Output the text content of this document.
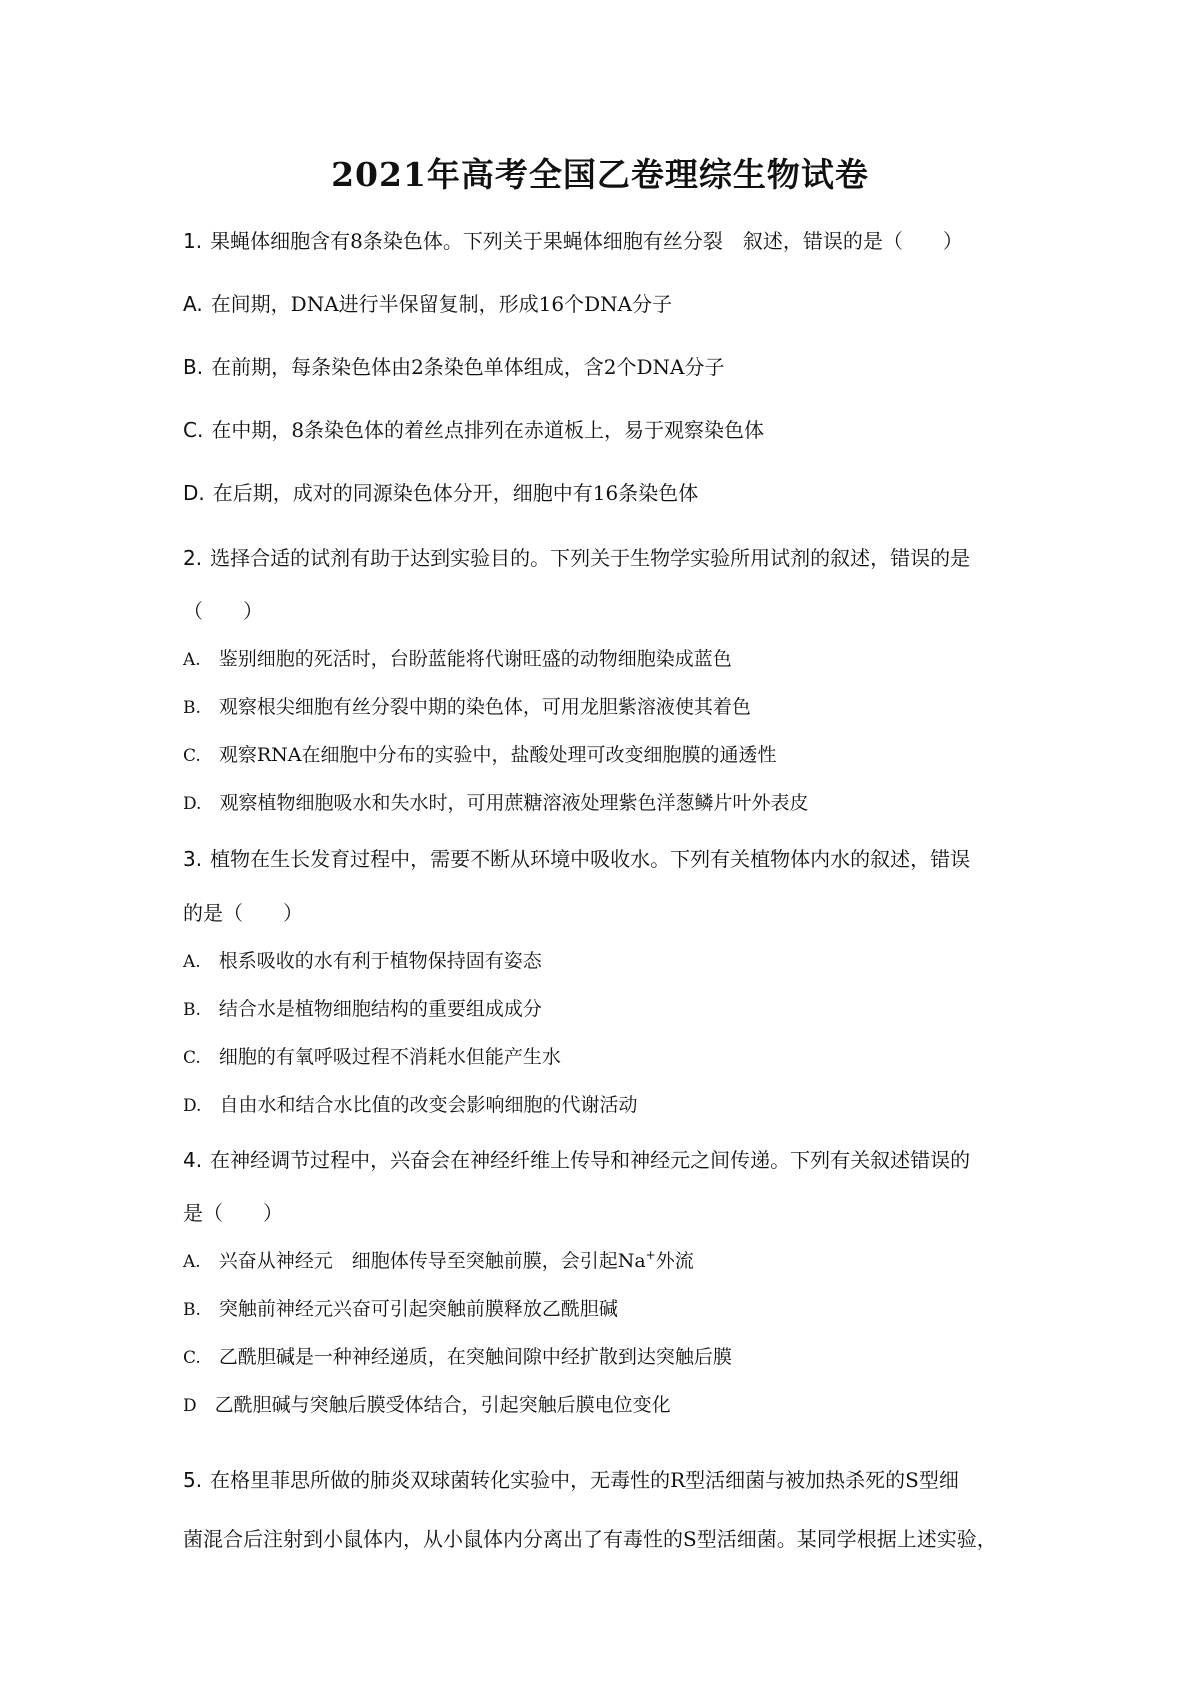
2021年高考全国乙卷理综生物试卷
1. 果蝇体细胞含有8条染色体。下列关于果蝇体细胞有丝分裂　叙述，错误的是（　　）
A. 在间期，DNA进行半保留复制，形成16个DNA分子
B. 在前期，每条染色体由2条染色单体组成，含2个DNA分子
C. 在中期，8条染色体的着丝点排列在赤道板上，易于观察染色体
D. 在后期，成对的同源染色体分开，细胞中有16条染色体
2. 选择合适的试剂有助于达到实验目的。下列关于生物学实验所用试剂的叙述，错误的是
（　　）
A. 鉴别细胞的死活时，台盼蓝能将代谢旺盛的动物细胞染成蓝色
B. 观察根尖细胞有丝分裂中期的染色体，可用龙胆紫溶液使其着色
C. 观察RNA在细胞中分布的实验中，盐酸处理可改变细胞膜的通透性
D. 观察植物细胞吸水和失水时，可用蔗糖溶液处理紫色洋葱鳞片叶外表皮
3. 植物在生长发育过程中，需要不断从环境中吸收水。下列有关植物体内水的叙述，错误
的是（　　）
A. 根系吸收的水有利于植物保持固有姿态
B. 结合水是植物细胞结构的重要组成成分
C. 细胞的有氧呼吸过程不消耗水但能产生水
D. 自由水和结合水比值的改变会影响细胞的代谢活动
4. 在神经调节过程中，兴奋会在神经纤维上传导和神经元之间传递。下列有关叙述错误的
是（　　）
A. 兴奋从神经元　细胞体传导至突触前膜，会引起Na+外流
B. 突触前神经元兴奋可引起突触前膜释放乙酰胆碱
C. 乙酰胆碱是一种神经递质，在突触间隙中经扩散到达突触后膜
D 乙酰胆碱与突触后膜受体结合，引起突触后膜电位变化
5. 在格里菲思所做的肺炎双球菌转化实验中，无毒性的R型活细菌与被加热杀死的S型细
菌混合后注射到小鼠体内，从小鼠体内分离出了有毒性的S型活细菌。某同学根据上述实验，
